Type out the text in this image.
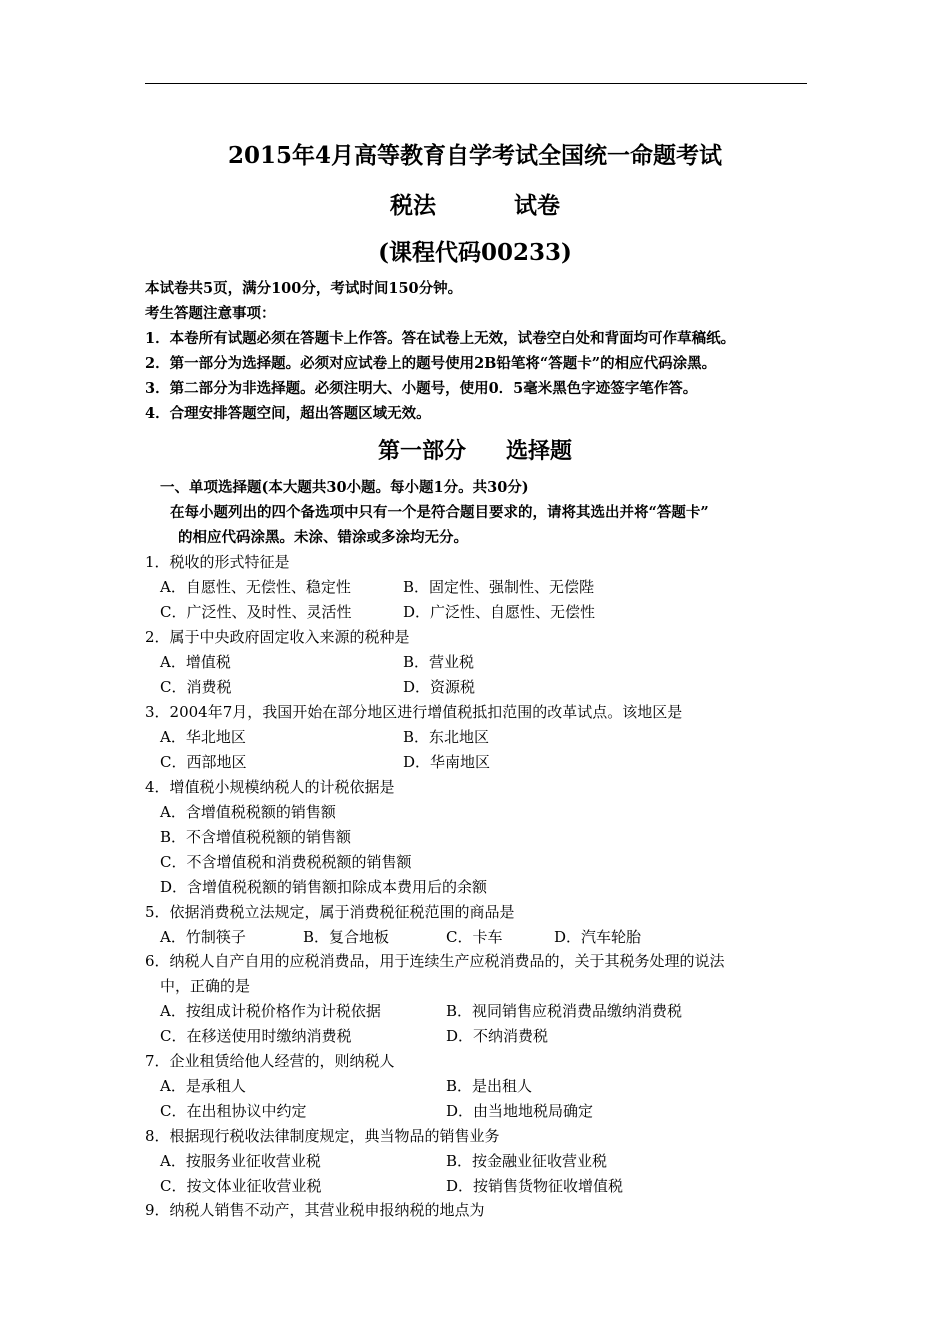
2015年4月高等教育自学考试全国统一命题考试
税法	试卷
(课程代码00233)
本试卷共5页，满分100分，考试时间150分钟。
考生答题注意事项：
1．本卷所有试题必须在答题卡上作答。答在试卷上无效，试卷空白处和背面均可作草稿纸。
2．第一部分为选择题。必须对应试卷上的题号使用2B铅笔将“答题卡”的相应代码涂黑。
3．第二部分为非选择题。必须注明大、小题号，使用0．5毫米黑色字迹签字笔作答。
4．合理安排答题空间，超出答题区域无效。
第一部分 选择题
一、单项选择题(本大题共30小题。每小题1分。共30分)
在每小题列出的四个备选项中只有一个是符合题目要求的，请将其选出并将“答题卡”
的相应代码涂黑。未涂、错涂或多涂均无分。
1．税收的形式特征是
A．自愿性、无偿性、稳定性	B．固定性、强制性、无偿陛
C．广泛性、及时性、灵活性	D．广泛性、自愿性、无偿性
2．属于中央政府固定收入来源的税种是
A．增值税	B．营业税
C．消费税	D．资源税
3．2004年7月，我国开始在部分地区进行增值税抵扣范围的改革试点。该地区是
A．华北地区	B．东北地区
C．西部地区	D．华南地区
4．增值税小规模纳税人的计税依据是
A．含增值税税额的销售额
B．不含增值税税额的销售额
C．不含增值税和消费税税额的销售额
D．含增值税税额的销售额扣除成本费用后的余额
5．依据消费税立法规定，属于消费税征税范围的商品是
A．竹制筷子	B．复合地板	C．卡车	D．汽车轮胎
6．纳税人自产自用的应税消费品，用于连续生产应税消费品的，关于其税务处理的说法
中，正确的是
A．按组成计税价格作为计税依据	B．视同销售应税消费品缴纳消费税
C．在移送使用时缴纳消费税	D．不纳消费税
7．企业租赁给他人经营的，则纳税人
A．是承租人	B．是出租人
C．在出租协议中约定	D．由当地地税局确定
8．根据现行税收法律制度规定，典当物品的销售业务
A．按服务业征收营业税	B．按金融业征收营业税
C．按文体业征收营业税	D．按销售货物征收增值税
9．纳税人销售不动产，其营业税申报纳税的地点为
